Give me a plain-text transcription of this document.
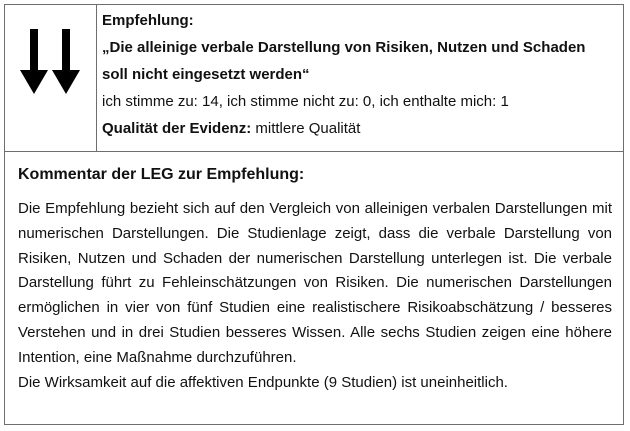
Empfehlung:
„Die alleinige verbale Darstellung von Risiken, Nutzen und Schaden
soll nicht eingesetzt werden“
ich stimme zu: 14, ich stimme nicht zu: 0, ich enthalte mich: 1
Qualität der Evidenz: mittlere Qualität
Kommentar der LEG zur Empfehlung:

Die Empfehlung bezieht sich auf den Vergleich von alleinigen verbalen Darstellungen mit numerischen Darstellungen. Die Studienlage zeigt, dass die verbale Darstellung von Risiken, Nutzen und Schaden der numerischen Darstellung unterlegen ist. Die verbale Darstellung führt zu Fehleinschätzungen von Risiken. Die numerischen Darstellungen ermöglichen in vier von fünf Studien eine realistischere Risikoabschätzung / besseres Verstehen und in drei Studien besseres Wissen. Alle sechs Studien zeigen eine höhere Intention, eine Maßnahme durchzuführen.

Die Wirksamkeit auf die affektiven Endpunkte (9 Studien) ist uneinheitlich.
